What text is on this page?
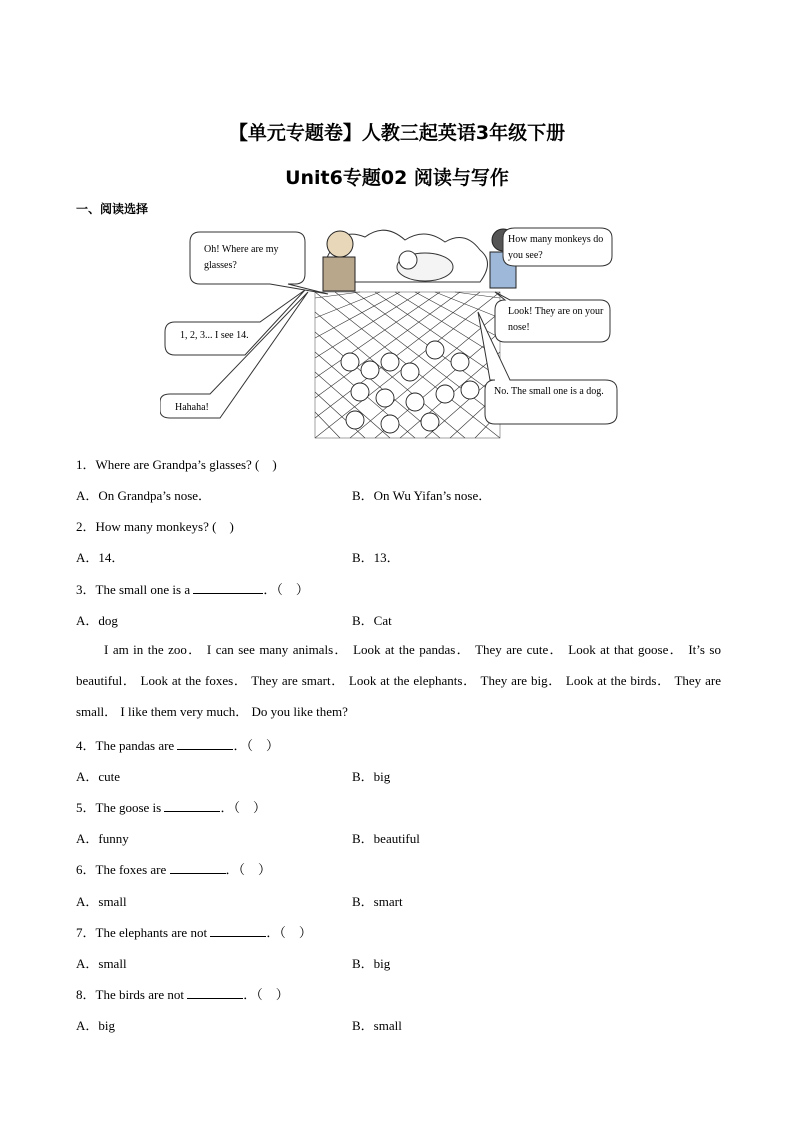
【单元专题卷】人教三起英语3年级下册
Unit6专题02 阅读与写作
一、阅读选择
Oh! Where are my glasses?
1, 2, 3... I see 14.
Hahaha!
How many monkeys do you see?
Look! They are on your nose!
No. The small one is a dog.
1．Where are Grandpa’s glasses? (　)
A．On Grandpa’s nose．	B．On Wu Yifan’s nose．
2．How many monkeys? (　)
A．14．	B．13．
3．The small one is a	．（　）
A．dog	B．Cat
I am in the zoo． I can see many animals． Look at the pandas． They are cute． Look at that goose． It’s so beautiful． Look at the foxes． They are smart． Look at the elephants． They are big． Look at the birds． They are small． I like them very much． Do you like them?
4．The pandas are	．（　）
A．cute	B．big
5．The goose is	．（　）
A．funny	B．beautiful
6．The foxes are	．（　）
A．small	B．smart
7．The elephants are not	．（　）
A．small	B．big
8．The birds are not	．（　）
A．big	B．small
